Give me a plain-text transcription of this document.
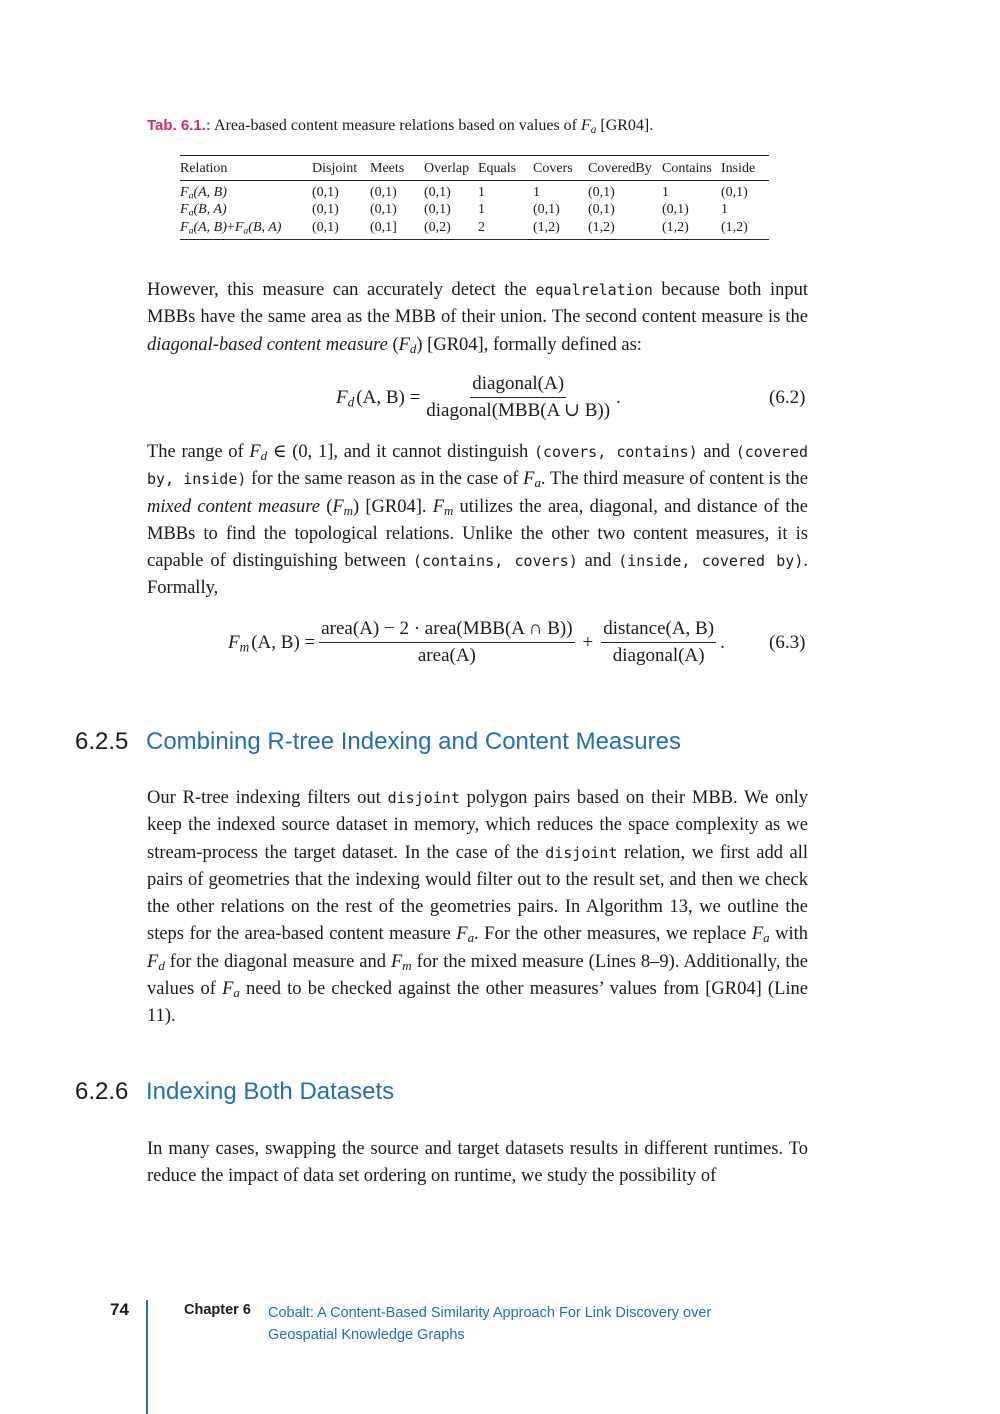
Tab. 6.1.: Area-based content measure relations based on values of $F_a$ [GR04].
Relation	Disjoint	Meets	Overlap	Equals	Covers	CoveredBy	Contains	Inside
$F_a(A$, B)	(0,1)	(0,1)	(0,1)	1	1	(0,1)	1	(0,1)
$F_a(B$, A)	(0,1)	(0,1)	(0,1)	1	(0,1)	(0,1)	(0,1)	1
$F_a(A$, $B)+F_a(B$, A)	(0,1)	(0,1]	(0,2)	2	(1,2)	(1,2)	(1,2)	(1,2)

However, this measure can accurately detect the equalrelation because both input MBBs have the same area as the MBB of their union. The second content measure is the diagonal-based content measure $(F_d)$ [GR04], formally defined as:

$F_d$ (A, $B) = \frac{\text{diagonal(A)}}{\text{diagonal(MBB(A ∪ B))}}$ .	(6.2)

The range of $F_d$ ∈ (0, 1], and it cannot distinguish (covers, contains) and (covered by, inside) for the same reason as in the case of $F_a$. The third measure of content is the mixed content measure $(F_m)$ [GR04]. $F_m$ utilizes the area, diagonal, and distance of the MBBs to find the topological relations. Unlike the other two content measures, it is capable of distinguishing between (contains, covers) and (inside, covered by). Formally,

$F_m$ (A, $B) = \frac{\text{area(A) − 2 · area(MBB(A ∩ B))}}{\text{area(A)}} + \frac{\text{distance(A, B)}}{\text{diagonal(A)}}$ . (6.3)
6.2.5 Combining R-tree Indexing and Content Measures

Our R-tree indexing filters out disjoint polygon pairs based on their MBB. We only keep the indexed source dataset in memory, which reduces the space complexity as we stream-process the target dataset. In the case of the disjoint relation, we first add all pairs of geometries that the indexing would filter out to the result set, and then we check the other relations on the rest of the geometries pairs. In Algorithm 13, we outline the steps for the area-based content measure $F_a$. For the other measures, we replace $F_a$ with $F_d$ for the diagonal measure and $F_m$ for the mixed measure (Lines 8–9). Additionally, the values of $F_a$ need to be checked against the other measures’ values from [GR04] (Line 11).

6.2.6 Indexing Both Datasets

In many cases, swapping the source and target datasets results in different runtimes. To reduce the impact of data set ordering on runtime, we study the possibility of

74	Chapter 6 Cobalt: A Content-Based Similarity Approach For Link Discovery over Geospatial Knowledge Graphs
